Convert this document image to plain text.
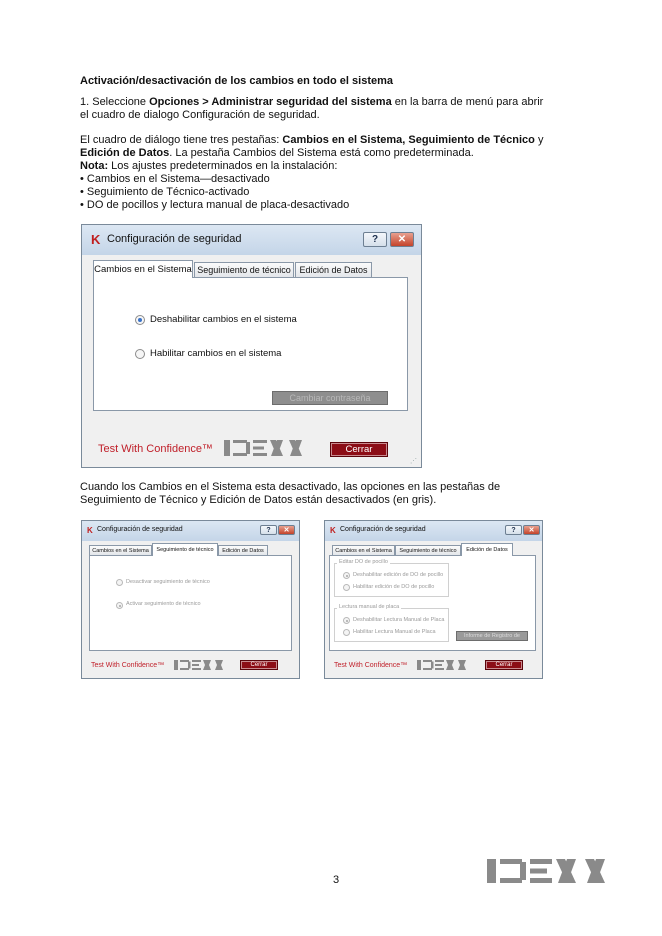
Activación/desactivación de los cambios en todo el sistema
1. Seleccione Opciones > Administrar seguridad del sistema en la barra de menú para abrir
el cuadro de dialogo Configuración de seguridad.
El cuadro de diálogo tiene tres pestañas: Cambios en el Sistema, Seguimiento de Técnico y
Edición de Datos. La pestaña Cambios del Sistema está como predeterminada.
Nota: Los ajustes predeterminados en la instalación:
• Cambios en el Sistema—desactivado
• Seguimiento de Técnico-activado
• DO de pocillos y lectura manual de placa-desactivado
K Configuración de seguridad	?	✕
Cambios en el Sistema Seguimiento de técnico Edición de Datos
Deshabilitar cambios en el sistema
Habilitar cambios en el sistema
Cambiar contraseña
Test With Confidence™	Cerrar
⋰
Cuando los Cambios en el Sistema esta desactivado, las opciones en las pestañas de
Seguimiento de Técnico y Edición de Datos están desactivados (en gris).
K Configuración de seguridad	?	✕
Cambios en el Sistema	Seguimiento de técnico	Edición de Datos
Desactivar seguimiento de técnico
Activar seguimiento de técnico
Test With Confidence™	Cerrar
K Configuración de seguridad	?	✕
Cambios en el Sistema	Seguimiento de técnico	Edición de Datos
Editar DO de pocillo
Deshabilitar edición de DO de pocillo
Habilitar edición de DO de pocillo
Lectura manual de placa
Deshabilitar Lectura Manual de Placa
Habilitar Lectura Manual de Placa
Informe de Registro de
Test With Confidence™	Cerrar
3
